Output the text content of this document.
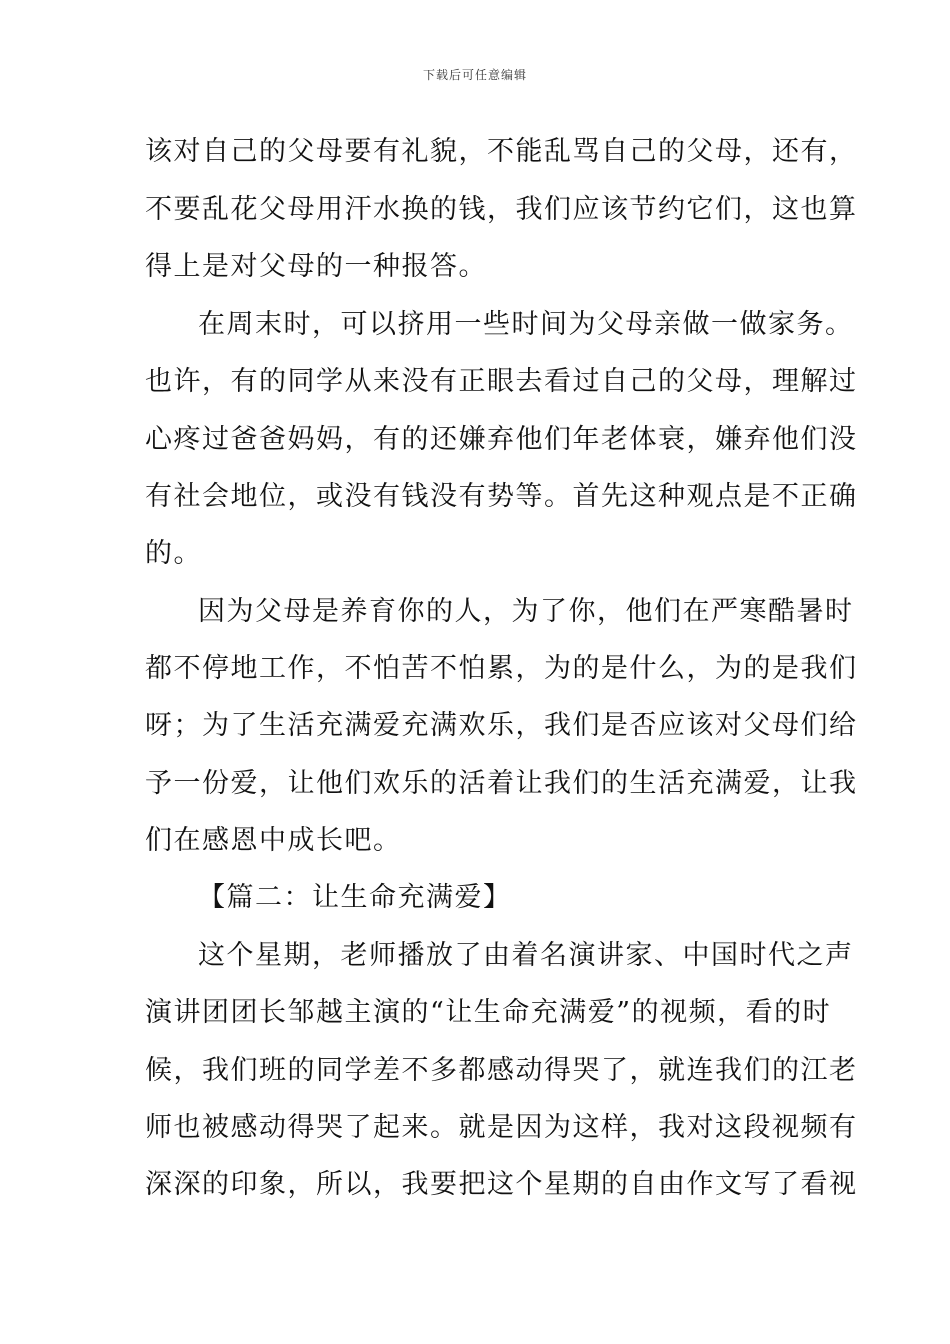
下载后可任意编辑
该对自己的父母要有礼貌，不能乱骂自己的父母，还有，
不要乱花父母用汗水换的钱，我们应该节约它们，这也算
得上是对父母的一种报答。
在周末时，可以挤用一些时间为父母亲做一做家务。
也许，有的同学从来没有正眼去看过自己的父母，理解过
心疼过爸爸妈妈，有的还嫌弃他们年老体衰，嫌弃他们没
有社会地位，或没有钱没有势等。首先这种观点是不正确
的。
因为父母是养育你的人，为了你，他们在严寒酷暑时
都不停地工作，不怕苦不怕累，为的是什么，为的是我们
呀；为了生活充满爱充满欢乐，我们是否应该对父母们给
予一份爱，让他们欢乐的活着让我们的生活充满爱，让我
们在感恩中成长吧。
【篇二：让生命充满爱】
这个星期，老师播放了由着名演讲家、中国时代之声
演讲团团长邹越主演的“让生命充满爱”的视频，看的时
候，我们班的同学差不多都感动得哭了，就连我们的江老
师也被感动得哭了起来。就是因为这样，我对这段视频有
深深的印象，所以，我要把这个星期的自由作文写了看视
